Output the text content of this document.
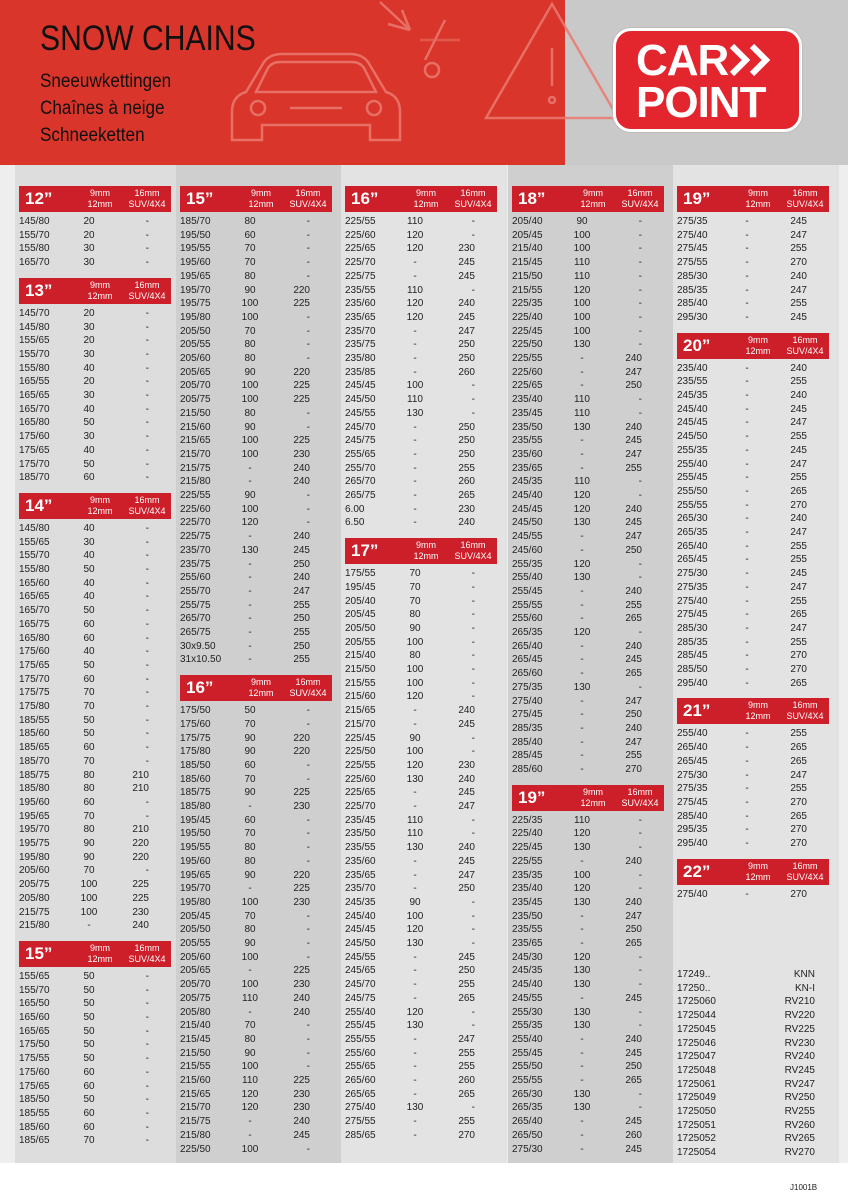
SNOW CHAINS
Sneeuwkettingen
Chaînes à neige
Schneeketten
CAR
POINT
12”	9mm
12mm
16mm
SUV/4X4
145/80	20	-
155/70	20	-
155/80	30	-
165/70	30	-
13”	9mm
12mm
16mm
SUV/4X4
145/70	20	-
145/80	30	-
155/65	20	-
155/70	30	-
155/80	40	-
165/55	20	-
165/65	30	-
165/70	40	-
165/80	50	-
175/60	30	-
175/65	40	-
175/70	50	-
185/70	60	-
14”	9mm
12mm
16mm
SUV/4X4
145/80	40	-
155/65	30	-
155/70	40	-
155/80	50	-
165/60	40	-
165/65	40	-
165/70	50	-
165/75	60	-
165/80	60	-
175/60	40	-
175/65	50	-
175/70	60	-
175/75	70	-
175/80	70	-
185/55	50	-
185/60	50	-
185/65	60	-
185/70	70	-
185/75	80	210
185/80	80	210
195/60	60	-
195/65	70	-
195/70	80	210
195/75	90	220
195/80	90	220
205/60	70	-
205/75	100	225
205/80	100	225
215/75	100	230
215/80	-	240
15”	9mm
12mm
16mm
SUV/4X4
155/65	50	-
155/70	50	-
165/50	50	-
165/60	50	-
165/65	50	-
175/50	50	-
175/55	50	-
175/60	60	-
175/65	60	-
185/50	50	-
185/55	60	-
185/60	60	-
185/65	70	-
15”	9mm
12mm
16mm
SUV/4X4
185/70	80	-
195/50	60	-
195/55	70	-
195/60	70	-
195/65	80	-
195/70	90	220
195/75	100	225
195/80	100	-
205/50	70	-
205/55	80	-
205/60	80	-
205/65	90	220
205/70	100	225
205/75	100	225
215/50	80	-
215/60	90	-
215/65	100	225
215/70	100	230
215/75	-	240
215/80	-	240
225/55	90	-
225/60	100	-
225/70	120	-
225/75	-	240
235/70	130	245
235/75	-	250
255/60	-	240
255/70	-	247
255/75	-	255
265/70	-	250
265/75	-	255
30x9.50	-	250
31x10.50	-	255
16”	9mm
12mm
16mm
SUV/4X4
175/50	50	-
175/60	70	-
175/75	90	220
175/80	90	220
185/50	60	-
185/60	70	-
185/75	90	225
185/80	-	230
195/45	60	-
195/50	70	-
195/55	80	-
195/60	80	-
195/65	90	220
195/70	-	225
195/80	100	230
205/45	70	-
205/50	80	-
205/55	90	-
205/60	100	-
205/65	-	225
205/70	100	230
205/75	110	240
205/80	-	240
215/40	70	-
215/45	80	-
215/50	90	-
215/55	100	-
215/60	110	225
215/65	120	230
215/70	120	230
215/75	-	240
215/80	-	245
225/50	100	-
16”	9mm
12mm
16mm
SUV/4X4
225/55	110	-
225/60	120	-
225/65	120	230
225/70	-	245
225/75	-	245
235/55	110	-
235/60	120	240
235/65	120	245
235/70	-	247
235/75	-	250
235/80	-	250
235/85	-	260
245/45	100	-
245/50	110	-
245/55	130	-
245/70	-	250
245/75	-	250
255/65	-	250
255/70	-	255
265/70	-	260
265/75	-	265
6.00	-	230
6.50	-	240
17”	9mm
12mm
16mm
SUV/4X4
175/55	70	-
195/45	70	-
205/40	70	-
205/45	80	-
205/50	90	-
205/55	100	-
215/40	80	-
215/50	100	-
215/55	100	-
215/60	120	-
215/65	-	240
215/70	-	245
225/45	90	-
225/50	100	-
225/55	120	230
225/60	130	240
225/65	-	245
225/70	-	247
235/45	110	-
235/50	110	-
235/55	130	240
235/60	-	245
235/65	-	247
235/70	-	250
245/35	90	-
245/40	100	-
245/45	120	-
245/50	130	-
245/55	-	245
245/65	-	250
245/70	-	255
245/75	-	265
255/40	120	-
255/45	130	-
255/55	-	247
255/60	-	255
255/65	-	255
265/60	-	260
265/65	-	265
275/40	130	-
275/55	-	255
285/65	-	270
18”	9mm
12mm
16mm
SUV/4X4
205/40	90	-
205/45	100	-
215/40	100	-
215/45	110	-
215/50	110	-
215/55	120	-
225/35	100	-
225/40	100	-
225/45	100	-
225/50	130	-
225/55	-	240
225/60	-	247
225/65	-	250
235/40	110	-
235/45	110	-
235/50	130	240
235/55	-	245
235/60	-	247
235/65	-	255
245/35	110	-
245/40	120	-
245/45	120	240
245/50	130	245
245/55	-	247
245/60	-	250
255/35	120	-
255/40	130	-
255/45	-	240
255/55	-	255
255/60	-	265
265/35	120	-
265/40	-	240
265/45	-	245
265/60	-	265
275/35	130	-
275/40	-	247
275/45	-	250
285/35	-	240
285/40	-	247
285/45	-	255
285/60	-	270
19”	9mm
12mm
16mm
SUV/4X4
225/35	110	-
225/40	120	-
225/45	130	-
225/55	-	240
235/35	100	-
235/40	120	-
235/45	130	240
235/50	-	247
235/55	-	250
235/65	-	265
245/30	120	-
245/35	130	-
245/40	130	-
245/55	-	245
255/30	130	-
255/35	130	-
255/40	-	240
255/45	-	245
255/50	-	250
255/55	-	265
265/30	130	-
265/35	130	-
265/40	-	245
265/50	-	260
275/30	-	245
19”	9mm
12mm
16mm
SUV/4X4
275/35	-	245
275/40	-	247
275/45	-	255
275/55	-	270
285/30	-	240
285/35	-	247
285/40	-	255
295/30	-	245
20”	9mm
12mm
16mm
SUV/4X4
235/40	-	240
235/55	-	255
245/35	-	240
245/40	-	245
245/45	-	247
245/50	-	255
255/35	-	245
255/40	-	247
255/45	-	255
255/50	-	265
255/55	-	270
265/30	-	240
265/35	-	247
265/40	-	255
265/45	-	255
275/30	-	245
275/35	-	247
275/40	-	255
275/45	-	265
285/30	-	247
285/35	-	255
285/45	-	270
285/50	-	270
295/40	-	265
21”	9mm
12mm
16mm
SUV/4X4
255/40	-	255
265/40	-	265
265/45	-	265
275/30	-	247
275/35	-	255
275/45	-	270
285/40	-	265
295/35	-	270
295/40	-	270
22”	9mm
12mm
16mm
SUV/4X4
275/40	-	270
17249..	KNN
17250..	KN-I
1725060	RV210
1725044	RV220
1725045	RV225
1725046	RV230
1725047	RV240
1725048	RV245
1725061	RV247
1725049	RV250
1725050	RV255
1725051	RV260
1725052	RV265
1725054	RV270
J1001B
